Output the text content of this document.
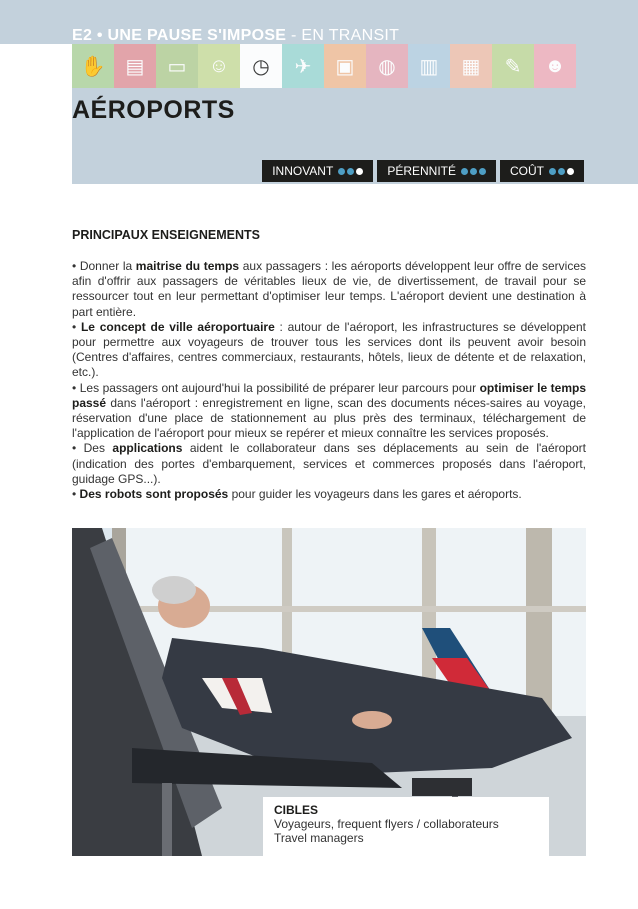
E2 • UNE PAUSE S'IMPOSE - EN TRANSIT
✋	▤	▭	☺	◷	✈	▣	◍	▥	▦	✎	☻
AÉROPORTS
INNOVANT	PÉRENNITÉ	COÛT
PRINCIPAUX ENSEIGNEMENTS

• Donner la maitrise du temps aux passagers : les aéroports développent leur offre de services afin d'offrir aux passagers de véritables lieux de vie, de divertissement, de travail pour se ressourcer tout en leur permettant d'optimiser leur temps. L'aéroport devient une destination à part entière.

• Le concept de ville aéroportuaire : autour de l'aéroport, les infrastructures se développent pour permettre aux voyageurs de trouver tous les services dont ils peuvent avoir besoin (Centres d'affaires, centres commerciaux, restaurants, hôtels, lieux de détente et de relaxation, etc.).

• Les passagers ont aujourd'hui la possibilité de préparer leur parcours pour optimiser le temps passé dans l'aéroport : enregistrement en ligne, scan des documents néces-saires au voyage, réservation d'une place de stationnement au plus près des terminaux, téléchargement de l'application de l'aéroport pour mieux se repérer et mieux connaître les services proposés.

• Des applications aident le collaborateur dans ses déplacements au sein de l'aéroport (indication des portes d'embarquement, services et commerces proposés dans l'aéroport, guidage GPS...).

• Des robots sont proposés pour guider les voyageurs dans les gares et aéroports.

CIBLES
Voyageurs, frequent flyers / collaborateurs
Travel managers
